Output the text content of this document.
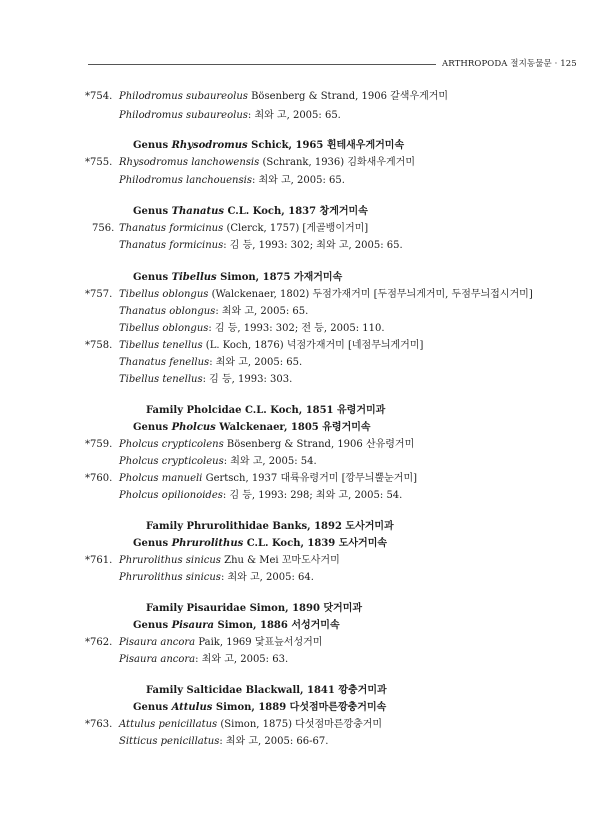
ARTHROPODA 절지동물문 · 125
*754. Philodromus subaureolus Bösenberg & Strand, 1906 갈색우게거미
Philodromus subaureolus: 최와 고, 2005: 65.
Genus Rhysodromus Schick, 1965 휜테새우게거미속
*755. Rhysodromus lanchowensis (Schrank, 1936) 김화새우게거미
Philodromus lanchouensis: 최와 고, 2005: 65.
Genus Thanatus C.L. Koch, 1837 창게거미속
756. Thanatus formicinus (Clerck, 1757) [게골뱅이거미]
Thanatus formicinus: 김 등, 1993: 302; 최와 고, 2005: 65.
Genus Tibellus Simon, 1875 가재거미속
*757. Tibellus oblongus (Walckenaer, 1802) 두점가재거미 [두점무늬게거미, 두점무늬접시거미]
Thanatus oblongus: 최와 고, 2005: 65.
Tibellus oblongus: 김 등, 1993: 302; 전 등, 2005: 110.
*758. Tibellus tenellus (L. Koch, 1876) 넉점가재거미 [네점무늬게거미]
Thanatus fenellus: 최와 고, 2005: 65.
Tibellus tenellus: 김 등, 1993: 303.
Family Pholcidae C.L. Koch, 1851 유령거미과
Genus Pholcus Walckenaer, 1805 유령거미속
*759. Pholcus crypticolens Bösenberg & Strand, 1906 산유령거미
Pholcus crypticoleus: 최와 고, 2005: 54.
*760. Pholcus manueli Gertsch, 1937 대륙유령거미 [깡무늬뿔눈거미]
Pholcus opilionoides: 김 등, 1993: 298; 최와 고, 2005: 54.
Family Phrurolithidae Banks, 1892 도사거미과
Genus Phrurolithus C.L. Koch, 1839 도사거미속
*761. Phrurolithus sinicus Zhu & Mei 꼬마도사거미
Phrurolithus sinicus: 최와 고, 2005: 64.
Family Pisauridae Simon, 1890 닷거미과
Genus Pisaura Simon, 1886 서성거미속
*762. Pisaura ancora Paik, 1969 닻표늪서성거미
Pisaura ancora: 최와 고, 2005: 63.
Family Salticidae Blackwall, 1841 깡충거미과
Genus Attulus Simon, 1889 다섯점마른깡충거미속
*763. Attulus penicillatus (Simon, 1875) 다섯점마른깡충거미
Sitticus penicillatus: 최와 고, 2005: 66-67.
